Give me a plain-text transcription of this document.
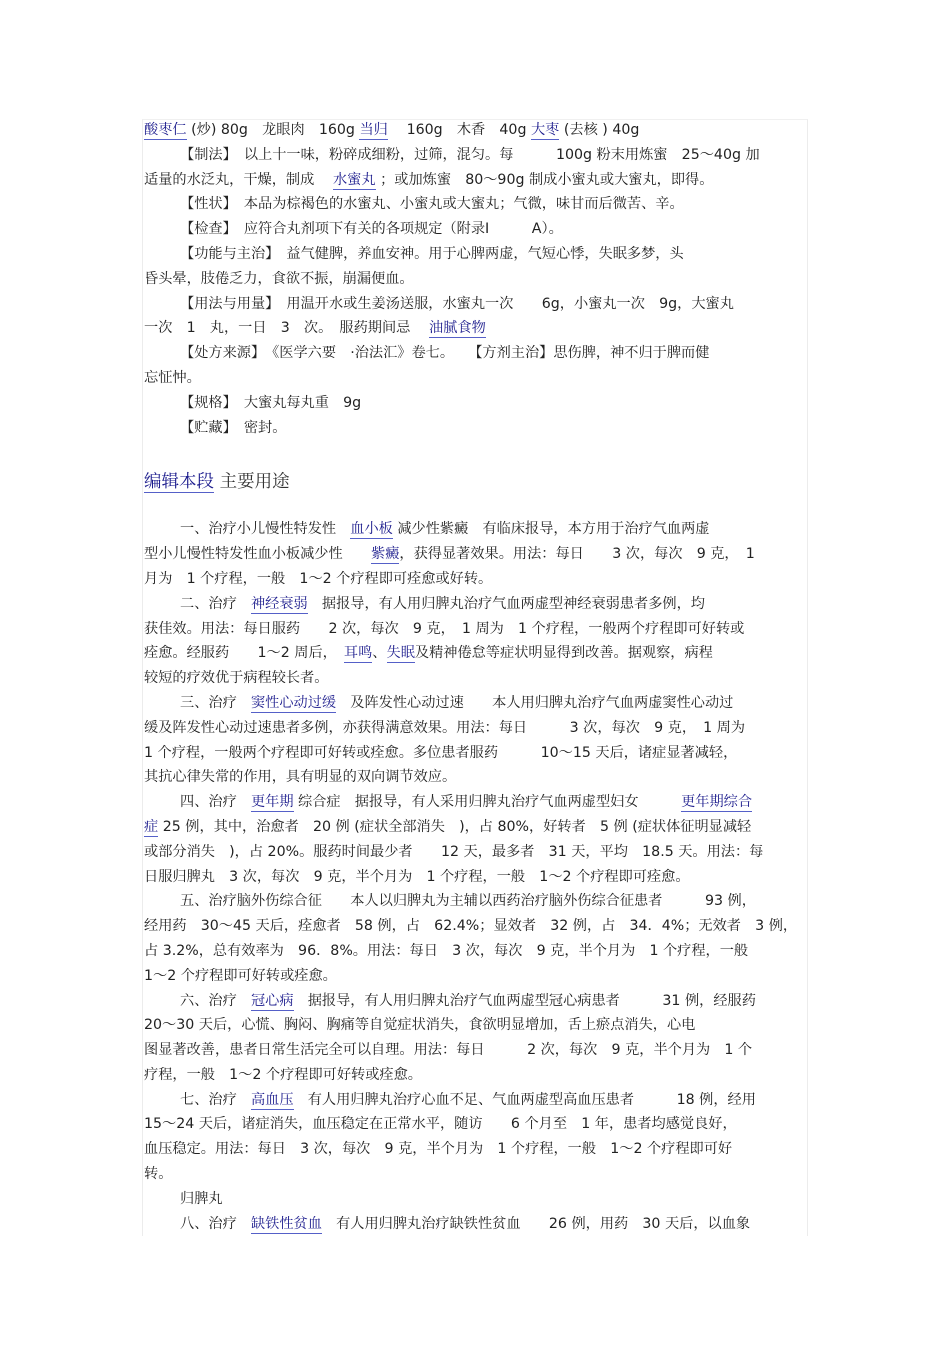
酸枣仁 (炒) 80g　龙眼肉　160g 当归 　160g　木香　40g 大枣 (去核 ) 40g
【制法】　以上十一味，粉碎成细粉，过筛，混匀。每　　　100g 粉末用炼蜜　25～40g 加
适量的水泛丸，干燥，制成　 水蜜丸 ；或加炼蜜　80～90g 制成小蜜丸或大蜜丸，即得。
【性状】　本品为棕褐色的水蜜丸、小蜜丸或大蜜丸；气微，味甘而后微苦、辛。
【检查】　应符合丸剂项下有关的各项规定（附录Ⅰ　　　A）。
【功能与主治】　益气健脾，养血安神。用于心脾两虚，气短心悸，失眠多梦，头
昏头晕，肢倦乏力，食欲不振，崩漏便血。
【用法与用量】　用温开水或生姜汤送服，水蜜丸一次　　6g，小蜜丸一次　9g，大蜜丸
一次　1　丸，一日　3　次。　服药期间忌　 油腻食物
【处方来源】　《医学六要　·治法汇》卷七。　　【方剂主治】思伤脾，神不归于脾而健
忘怔忡。
【规格】　大蜜丸每丸重　9g
【贮藏】　密封。
编辑本段 主要用途
一、治疗小儿慢性特发性　血小板 减少性紫癜　有临床报导，本方用于治疗气血两虚
型小儿慢性特发性血小板减少性　　紫癜，获得显著效果。用法：每日　　3 次，每次　9 克，　1
月为　1 个疗程，一般　1～2 个疗程即可痊愈或好转。
二、治疗　神经衰弱　据报导，有人用归脾丸治疗气血两虚型神经衰弱患者多例，均
获佳效。用法：每日服药　　2 次，每次　9 克，　1 周为　1 个疗程，一般两个疗程即可好转或
痊愈。经服药　　1～2 周后，　耳鸣、失眠及精神倦怠等症状明显得到改善。据观察，病程
较短的疗效优于病程较长者。
三、治疗　窦性心动过缓　及阵发性心动过速　　本人用归脾丸治疗气血两虚窦性心动过
缓及阵发性心动过速患者多例，亦获得满意效果。用法：每日　　　3 次，每次　9 克，　1 周为
1 个疗程，一般两个疗程即可好转或痊愈。多位患者服药　　　10～15 天后，诸症显著减轻，
其抗心律失常的作用，具有明显的双向调节效应。
四、治疗　更年期 综合症　据报导，有人采用归脾丸治疗气血两虚型妇女　　　更年期综合
症 25 例，其中，治愈者　20 例 (症状全部消失　)，占 80%，好转者　5 例 (症状体征明显减轻
或部分消失　)，占 20%。服药时间最少者　　12 天，最多者　31 天，平均　18.5 天。用法：每
日服归脾丸　3 次，每次　9 克，半个月为　1 个疗程，一般　1～2 个疗程即可痊愈。
五、治疗脑外伤综合征　　本人以归脾丸为主辅以西药治疗脑外伤综合征患者　　　93 例，
经用药　30～45 天后，痊愈者　58 例，占　62.4%；显效者　32 例，占　34．4%；无效者　3 例，
占 3.2%，总有效率为　96．8%。用法：每日　3 次，每次　9 克，半个月为　1 个疗程，一般
1～2 个疗程即可好转或痊愈。
六、治疗　冠心病　据报导，有人用归脾丸治疗气血两虚型冠心病患者　　　31 例，经服药
20～30 天后，心慌、胸闷、胸痛等自觉症状消失，食欲明显增加，舌上瘀点消失，心电
图显著改善，患者日常生活完全可以自理。用法：每日　　　2 次，每次　9 克，半个月为　1 个
疗程，一般　1～2 个疗程即可好转或痊愈。
七、治疗　高血压　有人用归脾丸治疗心血不足、气血两虚型高血压患者　　　18 例，经用
15～24 天后，诸症消失，血压稳定在正常水平，随访　　6 个月至　1 年，患者均感觉良好，
血压稳定。用法：每日　3 次，每次　9 克，半个月为　1 个疗程，一般　1～2 个疗程即可好
转。
归脾丸
八、治疗　缺铁性贫血　有人用归脾丸治疗缺铁性贫血　　26 例，用药　30 天后，以血象
